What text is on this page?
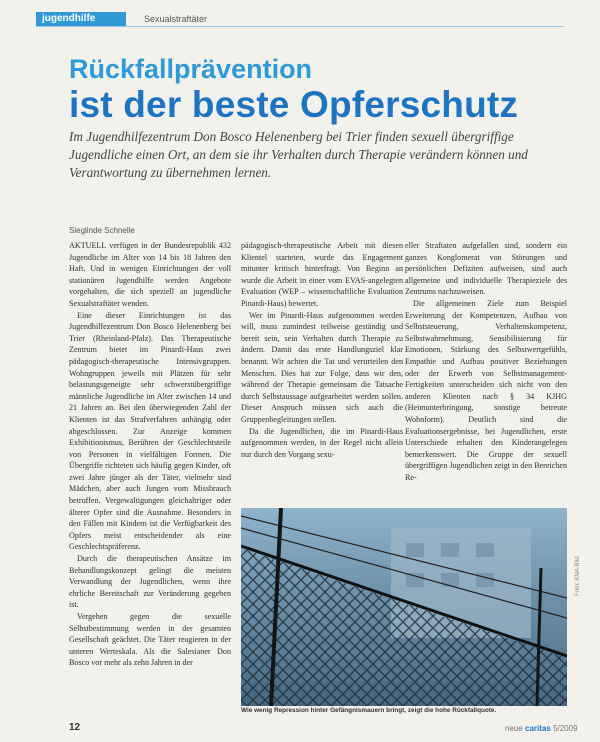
jugendhilfe	Sexualstraftäter
Rückfallprävention
ist der beste Opferschutz
Im Jugendhilfezentrum Don Bosco Helenenberg bei Trier finden sexuell übergriffige Jugendliche einen Ort, an dem sie ihr Verhalten durch Therapie verändern können und Verantwortung zu übernehmen lernen.
Sieglinde Schnelle

AKTUELL verfügen in der Bundesrepublik 432 Jugendliche im Alter von 14 bis 18 Jahren den Haft. Und in wenigen Einrichtungen der voll stationären Jugendhilfe werden Angebote vorgehalten, die sich speziell an jugendliche Sexualstraftäter wenden.

Eine dieser Einrichtungen ist das Jugendhilfezentrum Don Bosco Helenenberg bei Trier (Rheinland-Pfalz). Das Therapeutische Zentrum bietet im Pinardi-Haus zwei pädagogisch-therapeutische Intensivgruppen. Wohngruppen jeweils mit Plätzen für sehr belastungsgeneigte sehr schwerstübergriffige männliche Jugendliche im Alter zwischen 14 und 21 Jahren an. Bei den überwiegenden Zahl der Klienten ist das Strafverfahren anhängig oder abgeschlossen. Zur Anzeige kommen Exhibitionismus, Berühren der Geschlechtsteile von Personen in vielfältigen Formen. Die Übergriffe richteten sich häufig gegen Kinder, oft zwei Jahre jünger als der Täter, vielmehr sind Mädchen, aber auch Jungen vom Missbrauch betroffen. Vergewaltigungen gleichaltriger oder älterer Opfer sind die Ausnahme. Besonders in den Fällen mit Kindern ist die Verfügbarkeit des Opfers meist entscheidender als eine Geschlechtspräferenz.

Durch die therapeutischen Ansätze im Behandlungskonzept gelingt die meisten Verwandlung der Jugendlichen, wenn ihre ehrliche Bereitschaft zur Veränderung gegeben ist.

Vergehen gegen die sexuelle Selbstbestimmung werden in der gesamten Gesellschaft geächtet. Die Täter reagieren in der unteren Werteskala. Als die Salesianer Don Bosco vor mehr als zehn Jahren in der

pädagogisch-therapeutische Arbeit mit diesen Klientel starteten, wurde das Engagement mitunter kritisch hinterfragt. Von Beginn an wurde die Arbeit in einer vom EVAS-angelegten Evaluation (WEP – wissenschaftliche Evaluation Pinardi-Haus) bewertet.

Wer im Pinardi-Haus aufgenommen werden will, muss zumindest teilweise geständig und bereit sein, sein Verhalten durch Therapie zu ändern. Damit das erste Handlungsziel klar benannt. Wir achten die Tat und verurteilen den Menschen. Dies hat zur Folge, dass wir den, während der Therapie gemeinsam die Tatsache durch Selbstaussage aufgearbeitet werden sollen. Dieser Anspruch müssen sich auch die Gruppenbegleitungen stellen.

Da die Jugendlichen, die im Pinardi-Haus aufgenommen werden, in der Regel nicht allein nur durch den Vorgang sexu-

eller Straftaten aufgefallen sind, sondern ein ganzes Konglomerat von Störungen und persönlichen Defiziten aufweisen, sind auch allgemeine und individuelle Therapieziele des Zentrums nachzuweisen.

Die allgemeinen Ziele zum Beispiel Erweiterung der Kompetenzen, Aufbau von Selbststeuerung, Verhaltenskompetenz, Selbstwahrnehmung, Sensibilisierung für Emotionen, Stärkung des Selbstwertgefühls, Empathie und Aufbau positiver Beziehungen oder der Erwerb von Selbstmanagement-Fertigkeiten unterscheiden sich nicht von den anderen Klienten nach § 34 KJHG (Heimunterbringung, sonstige betreute Wohnform). Deutlich sind die Evaluationsergebnisse, bei Jugendlichen, erste Unterschiede erhalten den Kinderangelegen bemerkenswert. Die Gruppe der sexuell übergriffigen Jugendlichen zeigt in den Bereichen Re-

Wie wenig Repression hinter Gefängnismauern bringt, zeigt die hohe Rückfallquote.
Foto: KNA-Bild
12	neue caritas 5/2009
